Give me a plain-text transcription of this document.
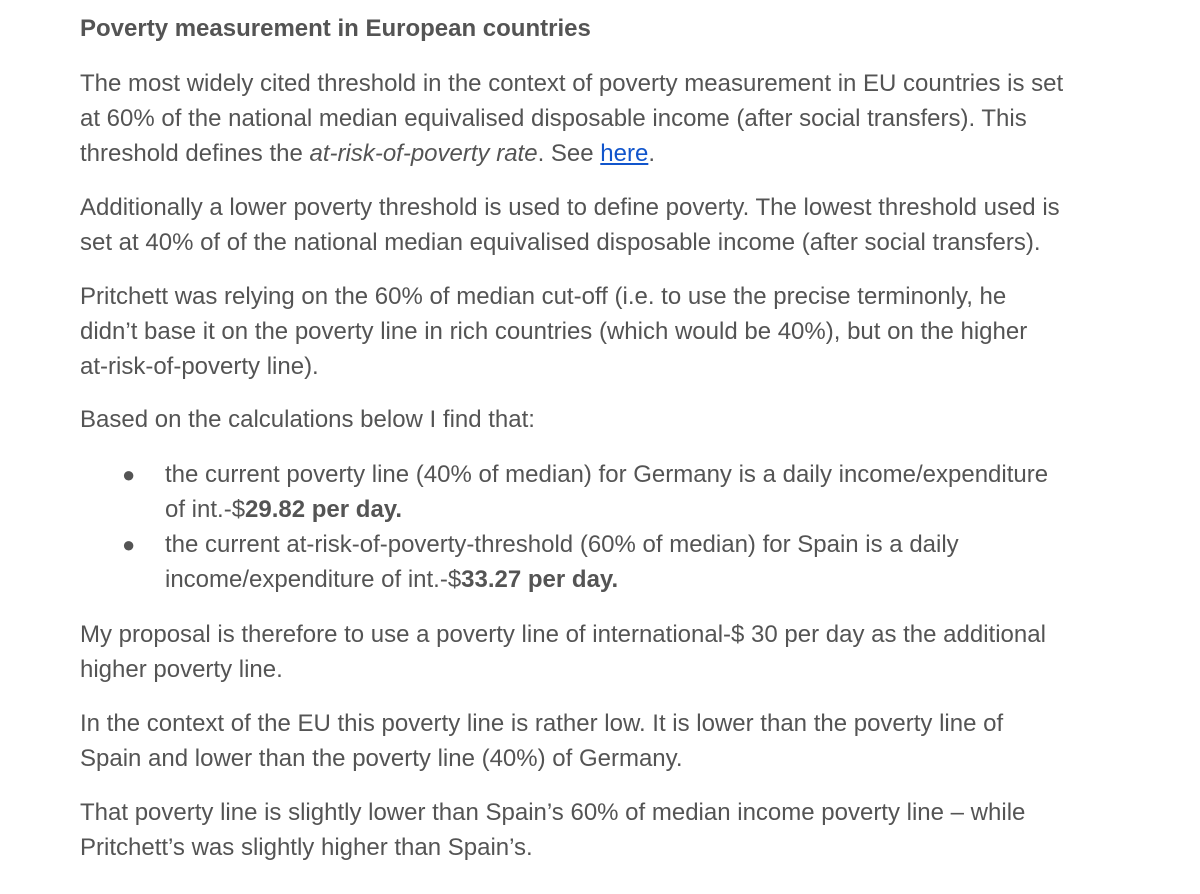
Poverty measurement in European countries

The most widely cited threshold in the context of poverty measurement in EU countries is set
at 60% of the national median equivalised disposable income (after social transfers). This
threshold defines the at-risk-of-poverty rate. See here.

Additionally a lower poverty threshold is used to define poverty. The lowest threshold used is
set at 40% of of the national median equivalised disposable income (after social transfers).

Pritchett was relying on the 60% of median cut-off (i.e. to use the precise terminonly, he
didn’t base it on the poverty line in rich countries (which would be 40%), but on the higher
at-risk-of-poverty line).

Based on the calculations below I find that:

● the current poverty line (40% of median) for Germany is a daily income/expenditure
of int.-$29.82 per day.
● the current at-risk-of-poverty-threshold (60% of median) for Spain is a daily
income/expenditure of int.-$33.27 per day.

My proposal is therefore to use a poverty line of international-$ 30 per day as the additional
higher poverty line.

In the context of the EU this poverty line is rather low. It is lower than the poverty line of
Spain and lower than the poverty line (40%) of Germany.

That poverty line is slightly lower than Spain’s 60% of median income poverty line – while
Pritchett’s was slightly higher than Spain’s.
